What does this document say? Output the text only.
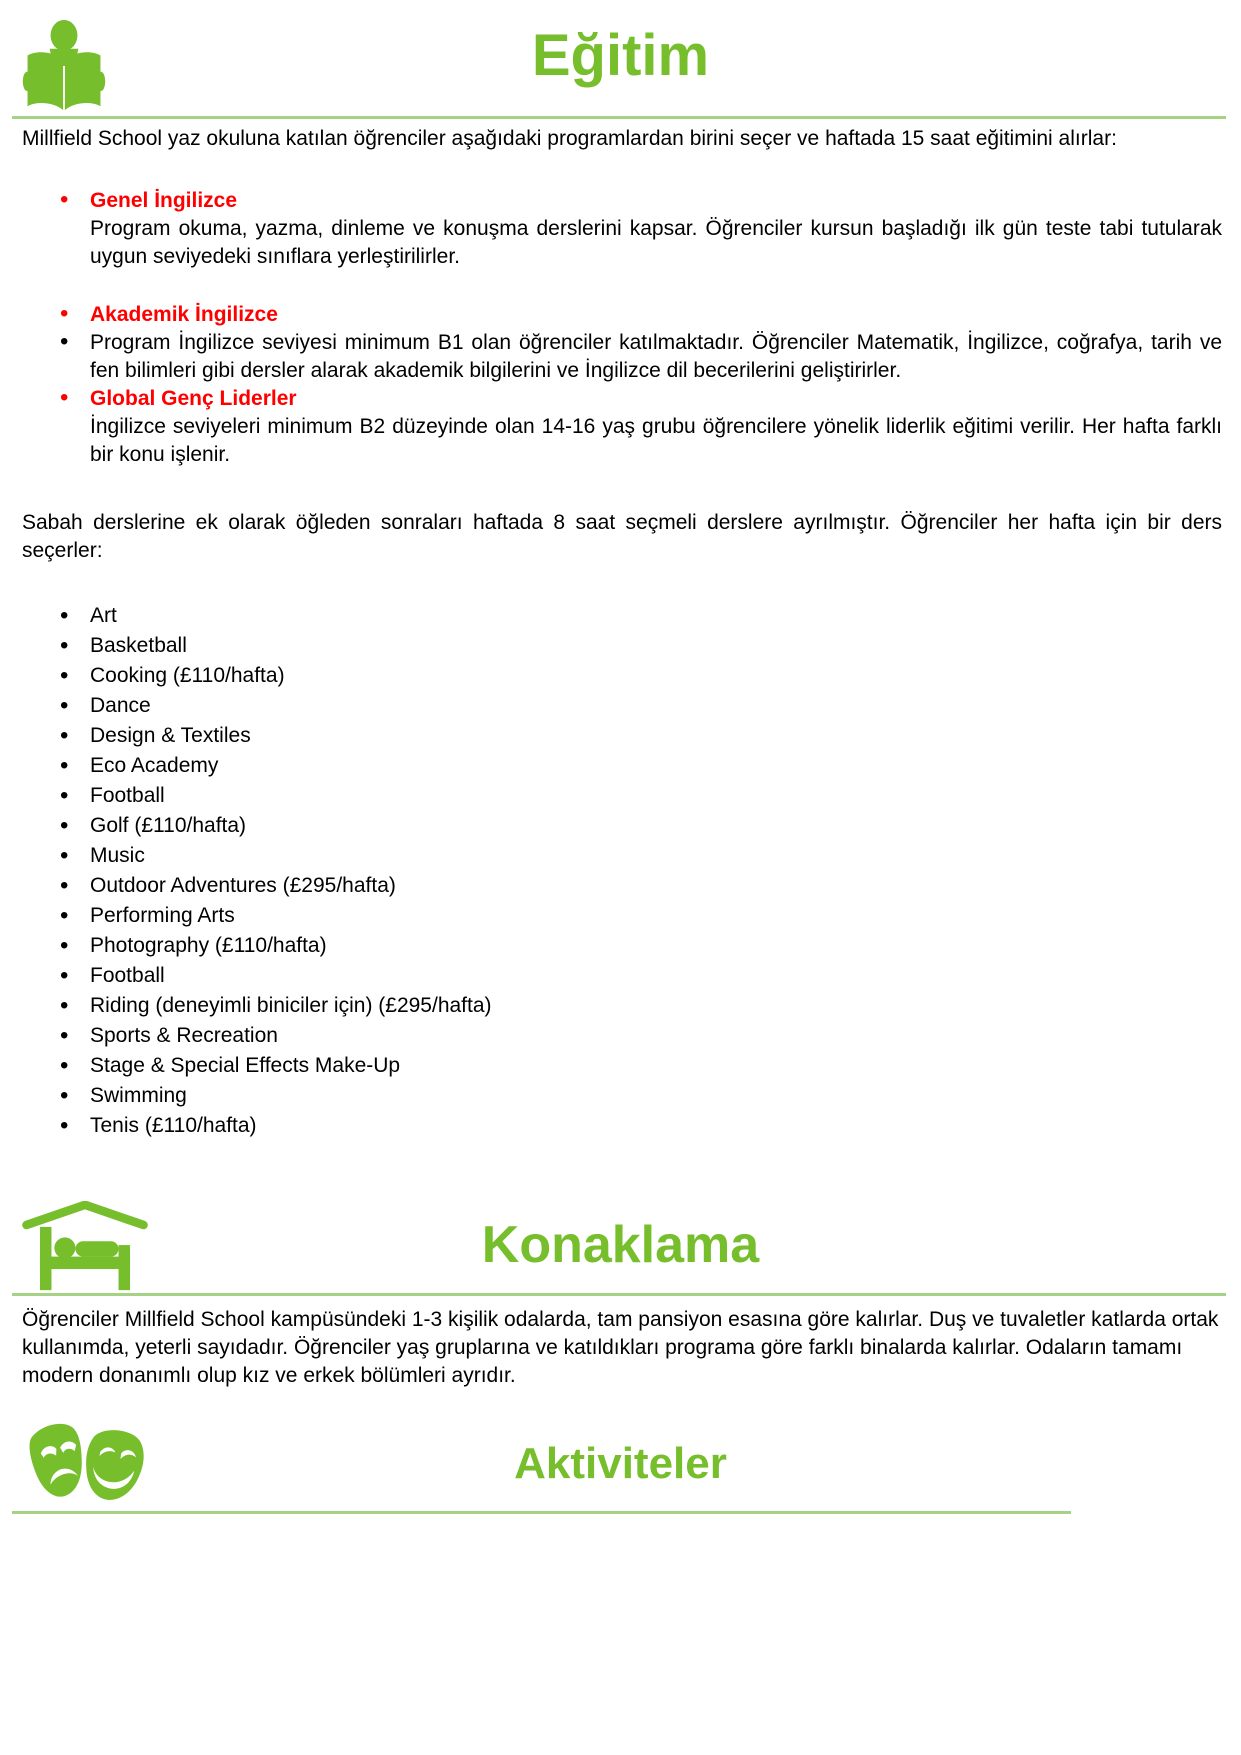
Eğitim

Millfield School yaz okuluna katılan öğrenciler aşağıdaki programlardan birini seçer ve haftada 15 saat eğitimini alırlar:

• Genel İngilizce

Program okuma, yazma, dinleme ve konuşma derslerini kapsar. Öğrenciler kursun başladığı ilk gün teste tabi tutularak uygun seviyedeki sınıflara yerleştirilirler.

• Akademik İngilizce

• Program İngilizce seviyesi minimum B1 olan öğrenciler katılmaktadır. Öğrenciler Matematik, İngilizce, coğrafya, tarih ve fen bilimleri gibi dersler alarak akademik bilgilerini ve İngilizce dil becerilerini geliştirirler.

• Global Genç Liderler

İngilizce seviyeleri minimum B2 düzeyinde olan 14-16 yaş grubu öğrencilere yönelik liderlik eğitimi verilir. Her hafta farklı bir konu işlenir.

Sabah derslerine ek olarak öğleden sonraları haftada 8 saat seçmeli derslere ayrılmıştır. Öğrenciler her hafta için bir ders seçerler:

• Art
• Basketball
• Cooking (£110/hafta)
• Dance
• Design & Textiles
• Eco Academy
• Football
• Golf (£110/hafta)
• Music
• Outdoor Adventures (£295/hafta)
• Performing Arts
• Photography (£110/hafta)
• Football
• Riding (deneyimli biniciler için) (£295/hafta)
• Sports & Recreation
• Stage & Special Effects Make-Up
• Swimming
• Tenis (£110/hafta)
Konaklama

Öğrenciler Millfield School kampüsündeki 1-3 kişilik odalarda, tam pansiyon esasına göre kalırlar. Duş ve tuvaletler katlarda ortak kullanımda, yeterli sayıdadır. Öğrenciler yaş gruplarına ve katıldıkları programa göre farklı binalarda kalırlar. Odaların tamamı modern donanımlı olup kız ve erkek bölümleri ayrıdır.

Aktiviteler
